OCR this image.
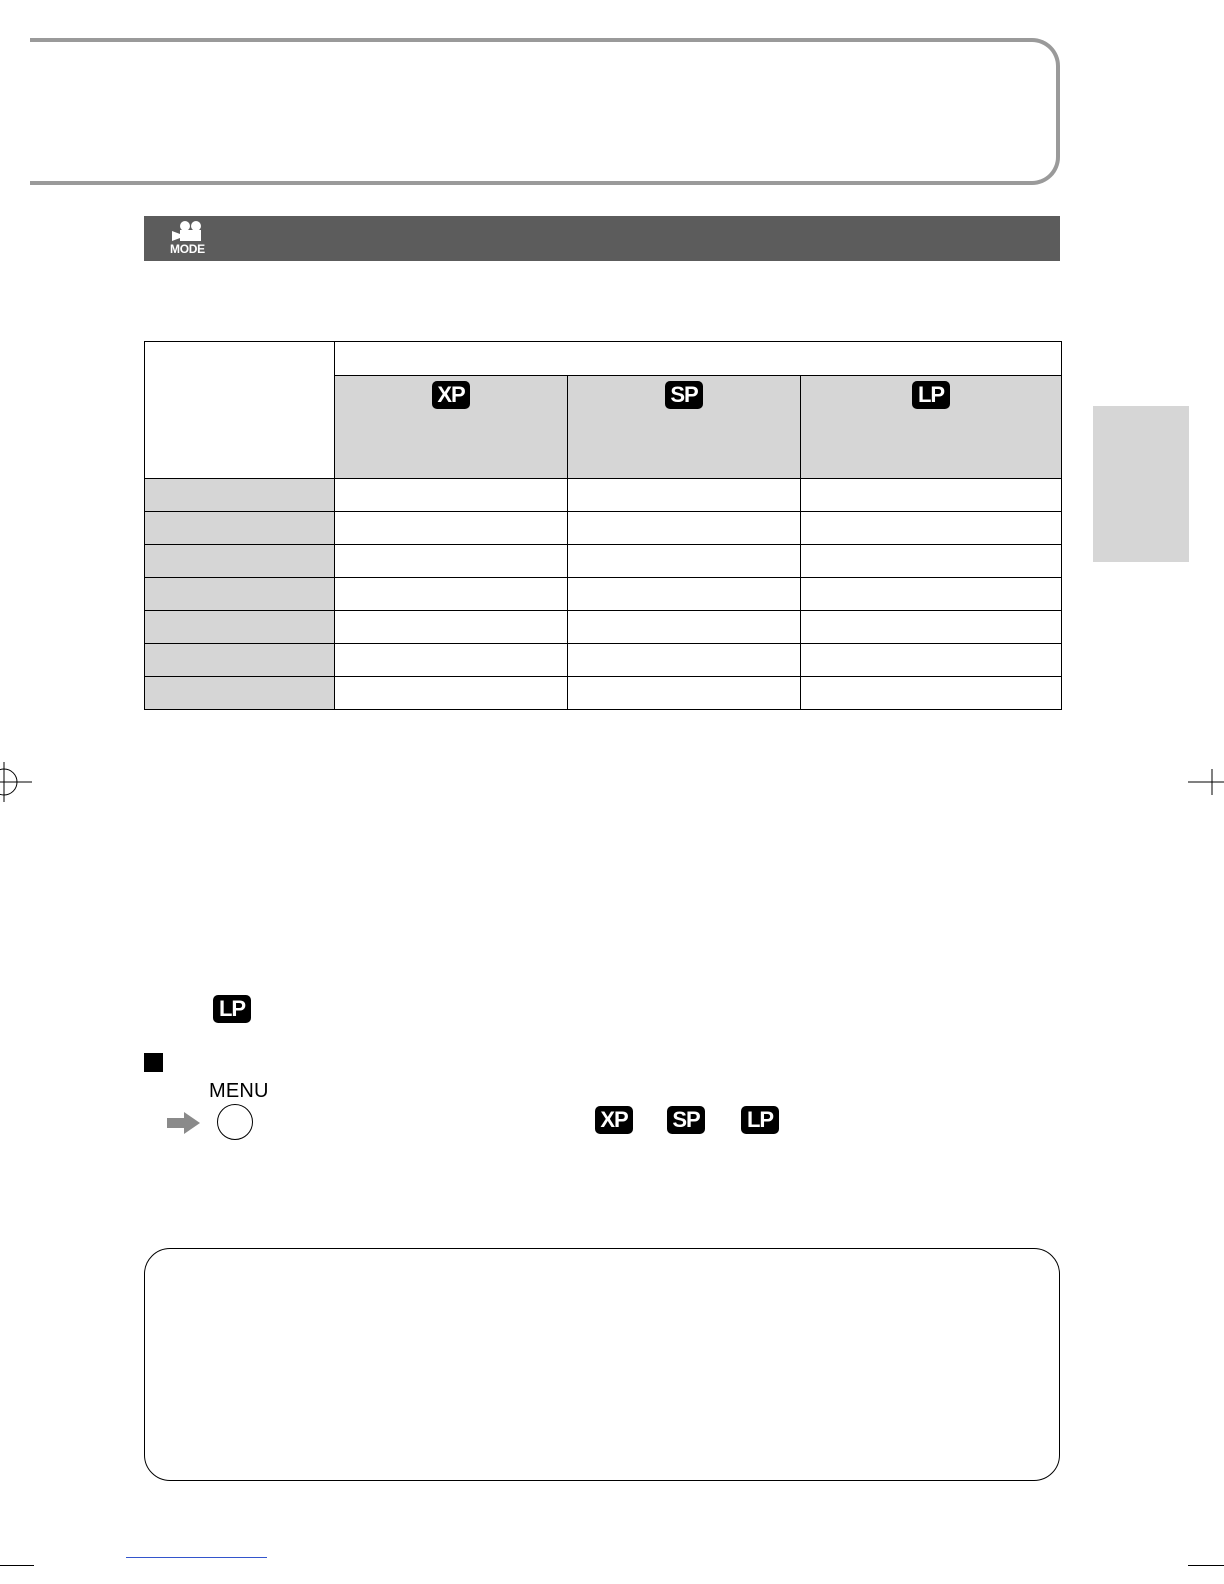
MODE

	XP	SP	LP

LP
MENU
XP SP LP
